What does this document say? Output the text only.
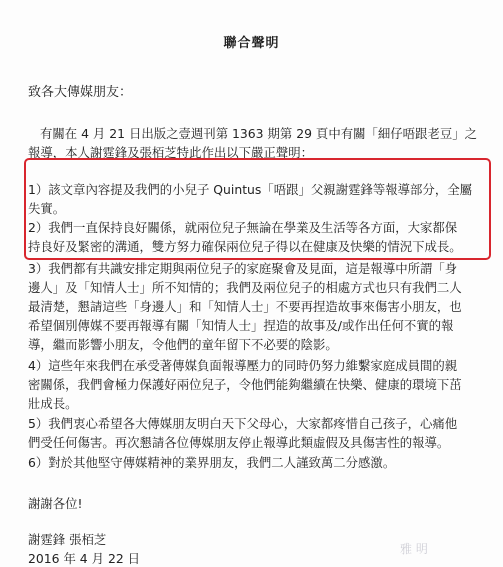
聯合聲明
致各大傳媒朋友：
有關在 4 月 21 日出版之壹週刊第 1363 期第 29 頁中有關「細仔唔跟老豆」之報導，本人謝霆鋒及張栢芝特此作出以下嚴正聲明：
1）該文章內容提及我們的小兒子 Quintus「唔跟」父親謝霆鋒等報導部分，全屬
失實。
2）我們一直保持良好關係，就兩位兒子無論在學業及生活等各方面，大家都保
持良好及緊密的溝通，雙方努力確保兩位兒子得以在健康及快樂的情況下成長。
3）我們都有共識安排定期與兩位兒子的家庭聚會及見面，這是報導中所謂「身
邊人」及「知情人士」所不知情的；我們及兩位兒子的相處方式也只有我們二人
最清楚，懇請這些「身邊人」和「知情人士」不要再捏造故事來傷害小朋友，也
希望個別傳媒不要再報導有關「知情人士」捏造的故事及/或作出任何不實的報
導，繼而影響小朋友，令他們的童年留下不必要的陰影。
4）這些年來我們在承受著傳媒負面報導壓力的同時仍努力維繫家庭成員間的親
密關係，我們會極力保護好兩位兒子，令他們能夠繼續在快樂、健康的環境下茁
壯成長。
5）我們衷心希望各大傳媒朋友明白天下父母心，大家都疼惜自己孩子，心痛他
們受任何傷害。再次懇請各位傳媒朋友停止報導此類虛假及具傷害性的報導。
6）對於其他堅守傳媒精神的業界朋友，我們二人謹致萬二分感激。
謝謝各位!
謝霆鋒 張栢芝
2016 年 4 月 22 日
雅 明
